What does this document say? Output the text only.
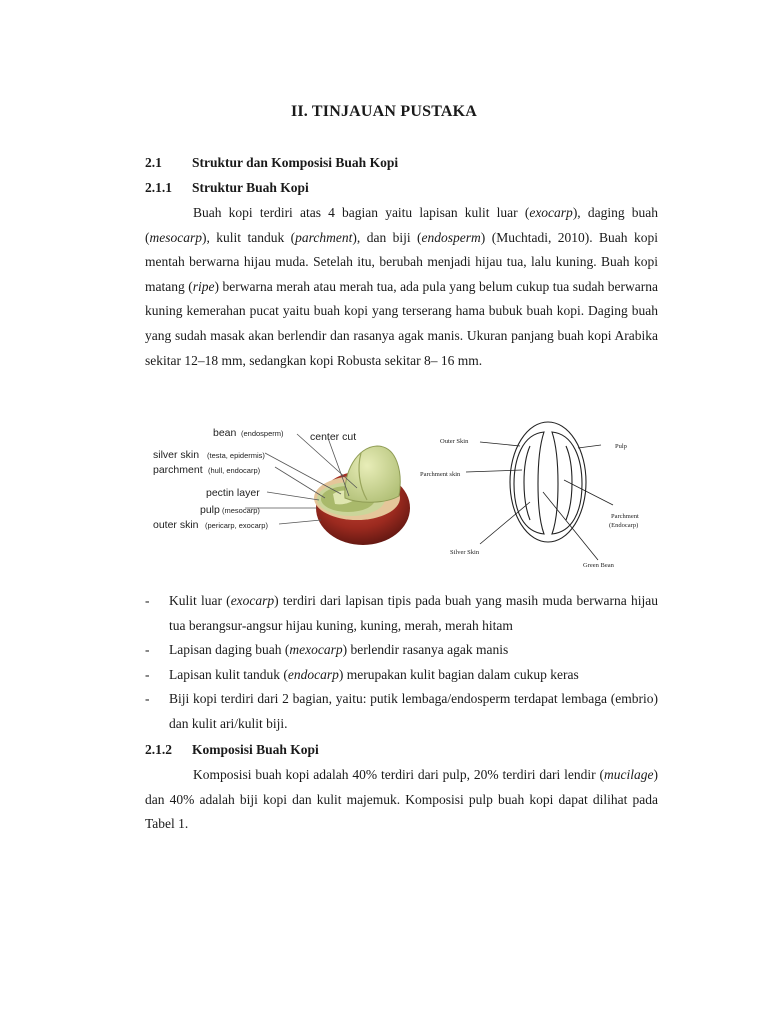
II. TINJAUAN PUSTAKA
2.1 Struktur dan Komposisi Buah Kopi
2.1.1 Struktur Buah Kopi

Buah kopi terdiri atas 4 bagian yaitu lapisan kulit luar (exocarp), daging buah (mesocarp), kulit tanduk (parchment), dan biji (endosperm) (Muchtadi, 2010). Buah kopi mentah berwarna hijau muda. Setelah itu, berubah menjadi hijau tua, lalu kuning. Buah kopi matang (ripe) berwarna merah atau merah tua, ada pula yang belum cukup tua sudah berwarna kuning kemerahan pucat yaitu buah kopi yang terserang hama bubuk buah kopi. Daging buah yang sudah masak akan berlendir dan rasanya agak manis. Ukuran panjang buah kopi Arabika sekitar 12–18 mm, sedangkan kopi Robusta sekitar 8– 16 mm.

bean (endosperm)	center cut
silver skin (testa, epidermis)
parchment (hull, endocarp)
pectin layer
pulp (mesocarp)
outer skin (pericarp, exocarp)
Outer Skin
Pulp
Parchment skin
Parchment
(Endocarp)
Silver Skin
Green Bean
- Kulit luar (exocarp) terdiri dari lapisan tipis pada buah yang masih muda berwarna hijau tua berangsur-angsur hijau kuning, kuning, merah, merah hitam
- Lapisan daging buah (mexocarp) berlendir rasanya agak manis
- Lapisan kulit tanduk (endocarp) merupakan kulit bagian dalam cukup keras
- Biji kopi terdiri dari 2 bagian, yaitu: putik lembaga/endosperm terdapat lembaga (embrio) dan kulit ari/kulit biji.
2.1.2 Komposisi Buah Kopi

Komposisi buah kopi adalah 40% terdiri dari pulp, 20% terdiri dari lendir (mucilage) dan 40% adalah biji kopi dan kulit majemuk. Komposisi pulp buah kopi dapat dilihat pada Tabel 1.
